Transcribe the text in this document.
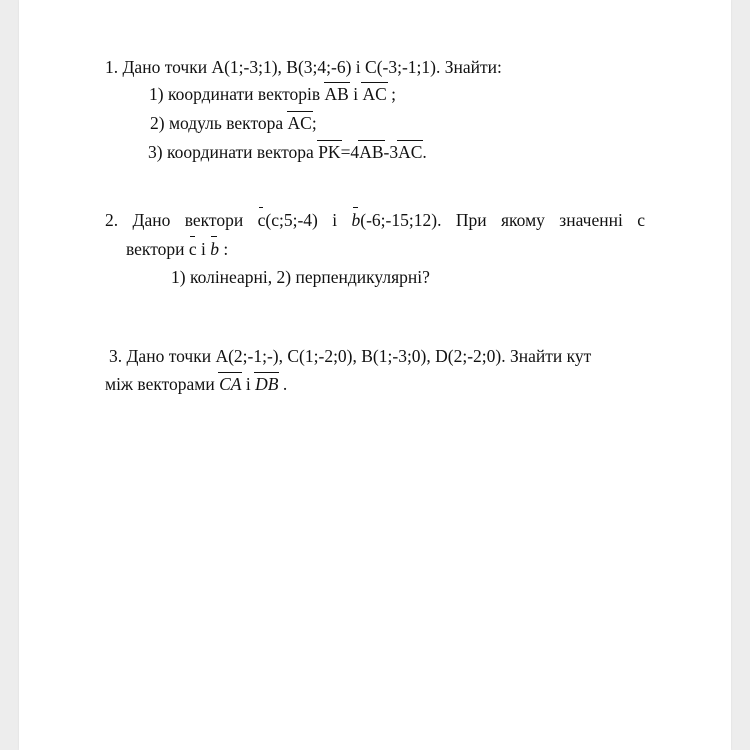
1. Дано точки A(1;-3;1), B(3;4;-6) і C(-3;-1;1). Знайти:
1) координати векторів AB і AC ;
2) модуль вектора AC;
3) координати вектора PK=4AB-3AC.
2. Дано вектори c(c;5;-4) і b(-6;-15;12). При якому значенні c
вектори c і b :
1) колінеарні, 2) перпендикулярні?
3. Дано точки A(2;-1;-), C(1;-2;0), B(1;-3;0), D(2;-2;0). Знайти кут
між векторами CA і DB .
